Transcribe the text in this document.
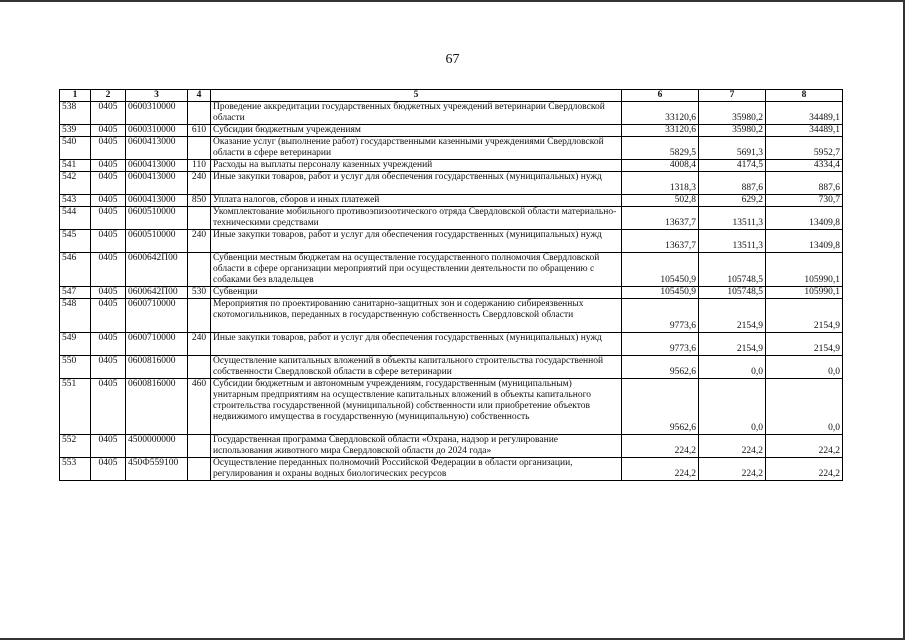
67
1	2	3	4	5	6	7	8
538	0405	0600310000		Проведение аккредитации государственных бюджетных учреждений ветеринарии Свердловской области	33120,6	35980,2	34489,1
539	0405	0600310000	610	Субсидии бюджетным учреждениям	33120,6	35980,2	34489,1
540	0405	0600413000		Оказание услуг (выполнение работ) государственными казенными учреждениями Свердловской области в сфере ветеринарии	5829,5	5691,3	5952,7
541	0405	0600413000	110	Расходы на выплаты персоналу казенных учреждений	4008,4	4174,5	4334,4
542	0405	0600413000	240	Иные закупки товаров, работ и услуг для обеспечения государственных (муниципальных) нужд	1318,3	887,6	887,6
543	0405	0600413000	850	Уплата налогов, сборов и иных платежей	502,8	629,2	730,7
544	0405	0600510000		Укомплектование мобильного противоэпизоотического отряда Свердловской области материально-техническими средствами	13637,7	13511,3	13409,8
545	0405	0600510000	240	Иные закупки товаров, работ и услуг для обеспечения государственных (муниципальных) нужд	13637,7	13511,3	13409,8
546	0405	0600642П00		Субвенции местным бюджетам на осуществление государственного полномочия Свердловской области в сфере организации мероприятий при осуществлении деятельности по обращению с собаками без владельцев	105450,9	105748,5	105990,1
547	0405	0600642П00	530	Субвенции	105450,9	105748,5	105990,1
548	0405	0600710000		Мероприятия по проектированию санитарно-защитных зон и содержанию сибиреязвенных скотомогильников, переданных в государственную собственность Свердловской области	9773,6	2154,9	2154,9
549	0405	0600710000	240	Иные закупки товаров, работ и услуг для обеспечения государственных (муниципальных) нужд	9773,6	2154,9	2154,9
550	0405	0600816000		Осуществление капитальных вложений в объекты капитального строительства государственной собственности Свердловской области в сфере ветеринарии	9562,6	0,0	0,0
551	0405	0600816000	460	Субсидии бюджетным и автономным учреждениям, государственным (муниципальным) унитарным предприятиям на осуществление капитальных вложений в объекты капитального строительства государственной (муниципальной) собственности или приобретение объектов недвижимого имущества в государственную (муниципальную) собственность	9562,6	0,0	0,0
552	0405	4500000000		Государственная программа Свердловской области «Охрана, надзор и регулирование использования животного мира Свердловской области до 2024 года»	224,2	224,2	224,2
553	0405	450Ф559100		Осуществление переданных полномочий Российской Федерации в области организации, регулирования и охраны водных биологических ресурсов	224,2	224,2	224,2
